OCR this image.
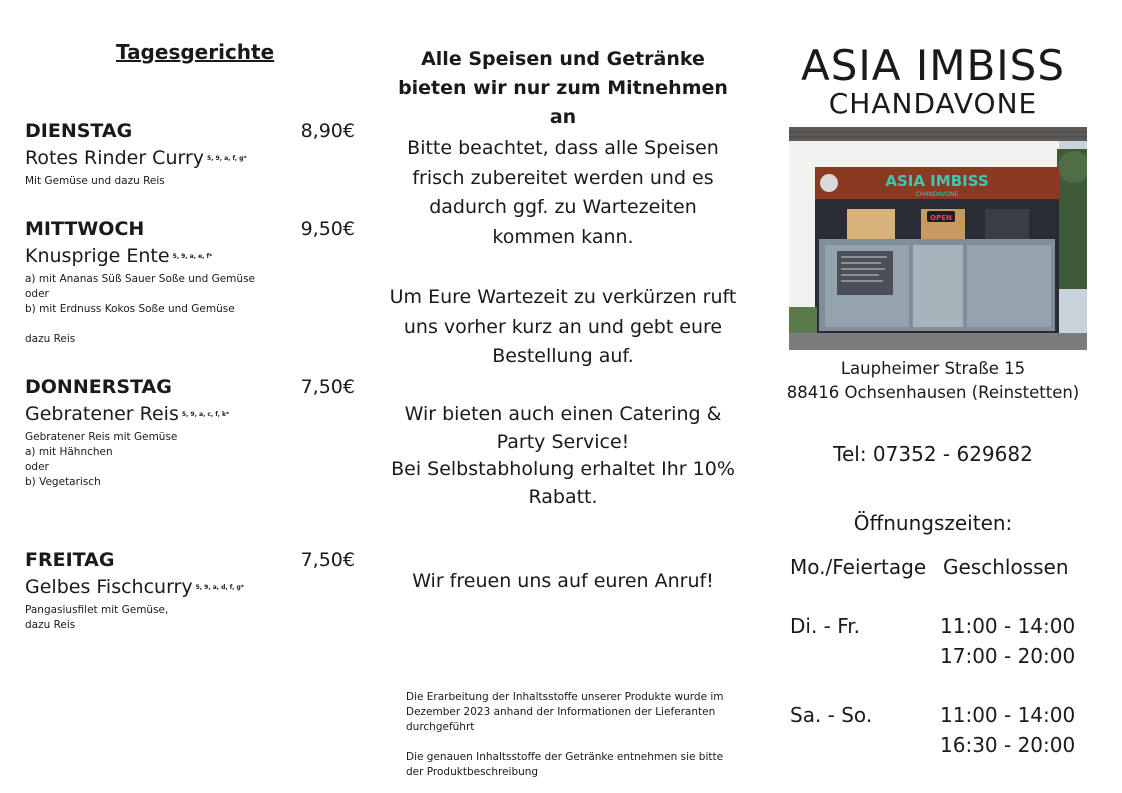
Tagesgerichte
DIENSTAG	8,90€
Rotes Rinder Curry 5, 9, a, f, g*
Mit Gemüse und dazu Reis
MITTWOCH	9,50€
Knusprige Ente 5, 9, a, e, f*
a) mit Ananas Süß Sauer Soße und Gemüse
oder
b) mit Erdnuss Kokos Soße und Gemüse
dazu Reis
DONNERSTAG	7,50€
Gebratener Reis 5, 9, a, c, f, k*
Gebratener Reis mit Gemüse
a) mit Hähnchen
oder
b) Vegetarisch
FREITAG	7,50€
Gelbes Fischcurry 5, 9, a, d, f, g*
Pangasiusfilet mit Gemüse,
dazu Reis
Alle Speisen und Getränke bieten wir nur zum Mitnehmen an
Bitte beachtet, dass alle Speisen frisch zubereitet werden und es dadurch ggf. zu Wartezeiten kommen kann.
Um Eure Wartezeit zu verkürzen ruft uns vorher kurz an und gebt eure Bestellung auf.
Wir bieten auch einen Catering & Party Service!
Bei Selbstabholung erhaltet Ihr 10% Rabatt.
Wir freuen uns auf euren Anruf!
Die Erarbeitung der Inhaltsstoffe unserer Produkte wurde im Dezember 2023 anhand der Informationen der Lieferanten durchgeführt
Die genauen Inhaltsstoffe der Getränke entnehmen sie bitte der Produktbeschreibung
ASIA IMBISS
CHANDAVONE
ASIA IMBISS
CHANDAVONE
OPEN
Laupheimer Straße 15
88416 Ochsenhausen (Reinstetten)
Tel: 07352 - 629682
Öffnungszeiten:
Mo./Feiertage Geschlossen
Di. - Fr.	11:00 - 14:00
17:00 - 20:00
Sa. - So.	11:00 - 14:00
16:30 - 20:00
